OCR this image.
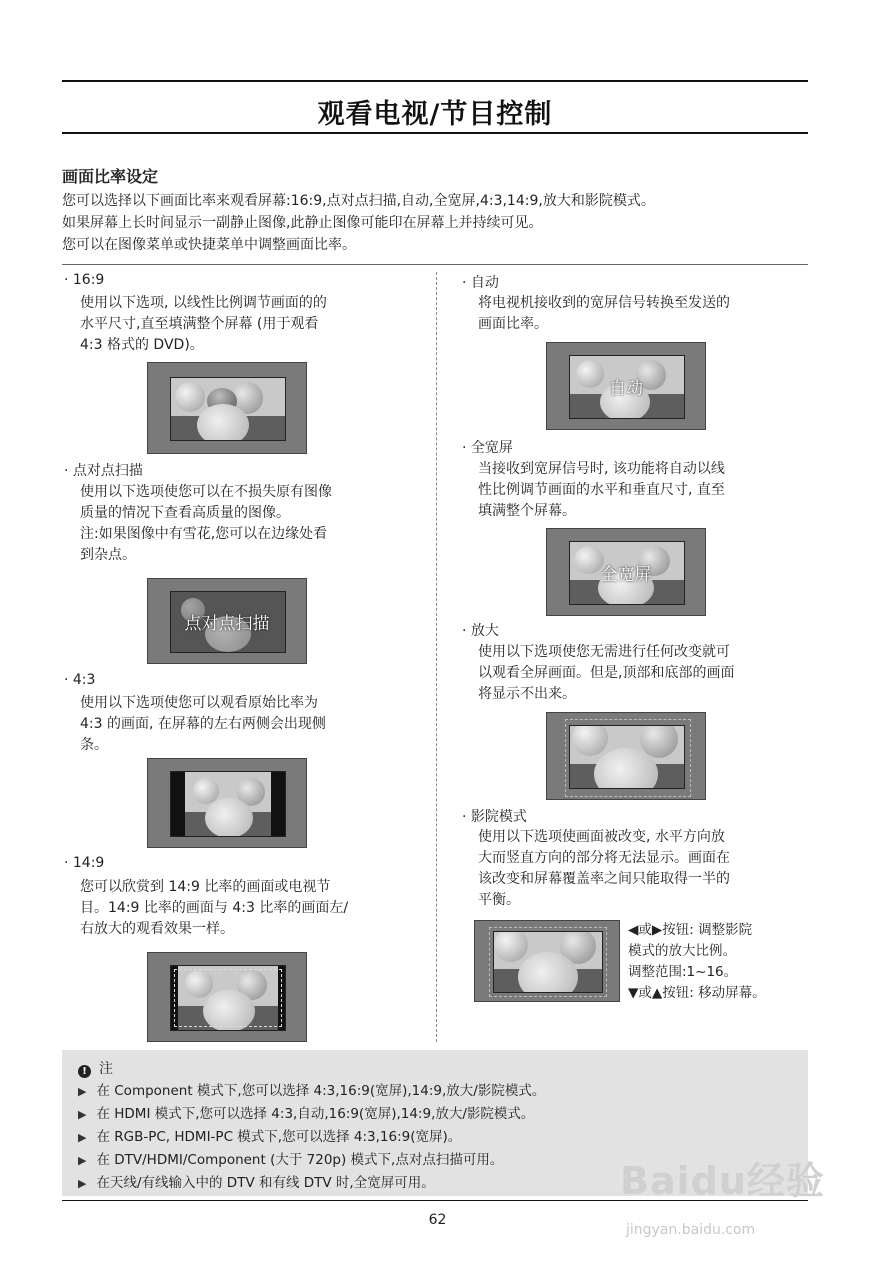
观看电视/节目控制
画面比率设定
您可以选择以下画面比率来观看屏幕:16:9,点对点扫描,自动,全宽屏,4:3,14:9,放大和影院模式。
如果屏幕上长时间显示一副静止图像,此静止图像可能印在屏幕上并持续可见。
您可以在图像菜单或快捷菜单中调整画面比率。
· 16:9
使用以下选项, 以线性比例调节画面的的
水平尺寸,直至填满整个屏幕 (用于观看
4:3 格式的 DVD)。
· 点对点扫描
使用以下选项使您可以在不损失原有图像
质量的情况下查看高质量的图像。
注:如果图像中有雪花,您可以在边缘处看
到杂点。
点对点扫描
· 4:3
使用以下选项使您可以观看原始比率为
4:3 的画面, 在屏幕的左右两侧会出现侧
条。
· 14:9
您可以欣赏到 14:9 比率的画面或电视节
目。14:9 比率的画面与 4:3 比率的画面左/
右放大的观看效果一样。
· 自动
将电视机接收到的宽屏信号转换至发送的
画面比率。
自动
· 全宽屏
当接收到宽屏信号时, 该功能将自动以线
性比例调节画面的水平和垂直尺寸, 直至
填满整个屏幕。
全宽屏
· 放大
使用以下选项使您无需进行任何改变就可
以观看全屏画面。但是,顶部和底部的画面
将显示不出来。
· 影院模式
使用以下选项使画面被改变, 水平方向放
大而竖直方向的部分将无法显示。画面在
该改变和屏幕覆盖率之间只能取得一半的
平衡。
◀或▶按钮: 调整影院
模式的放大比例。
调整范围:1~16。
▼或▲按钮: 移动屏幕。
! 注
▶ 在 Component 模式下,您可以选择 4:3,16:9(宽屏),14:9,放大/影院模式。
▶ 在 HDMI 模式下,您可以选择 4:3,自动,16:9(宽屏),14:9,放大/影院模式。
▶ 在 RGB-PC, HDMI-PC 模式下,您可以选择 4:3,16:9(宽屏)。
▶ 在 DTV/HDMI/Component (大于 720p) 模式下,点对点扫描可用。
▶ 在天线/有线输入中的 DTV 和有线 DTV 时,全宽屏可用。
62
Baidu经验
jingyan.baidu.com
